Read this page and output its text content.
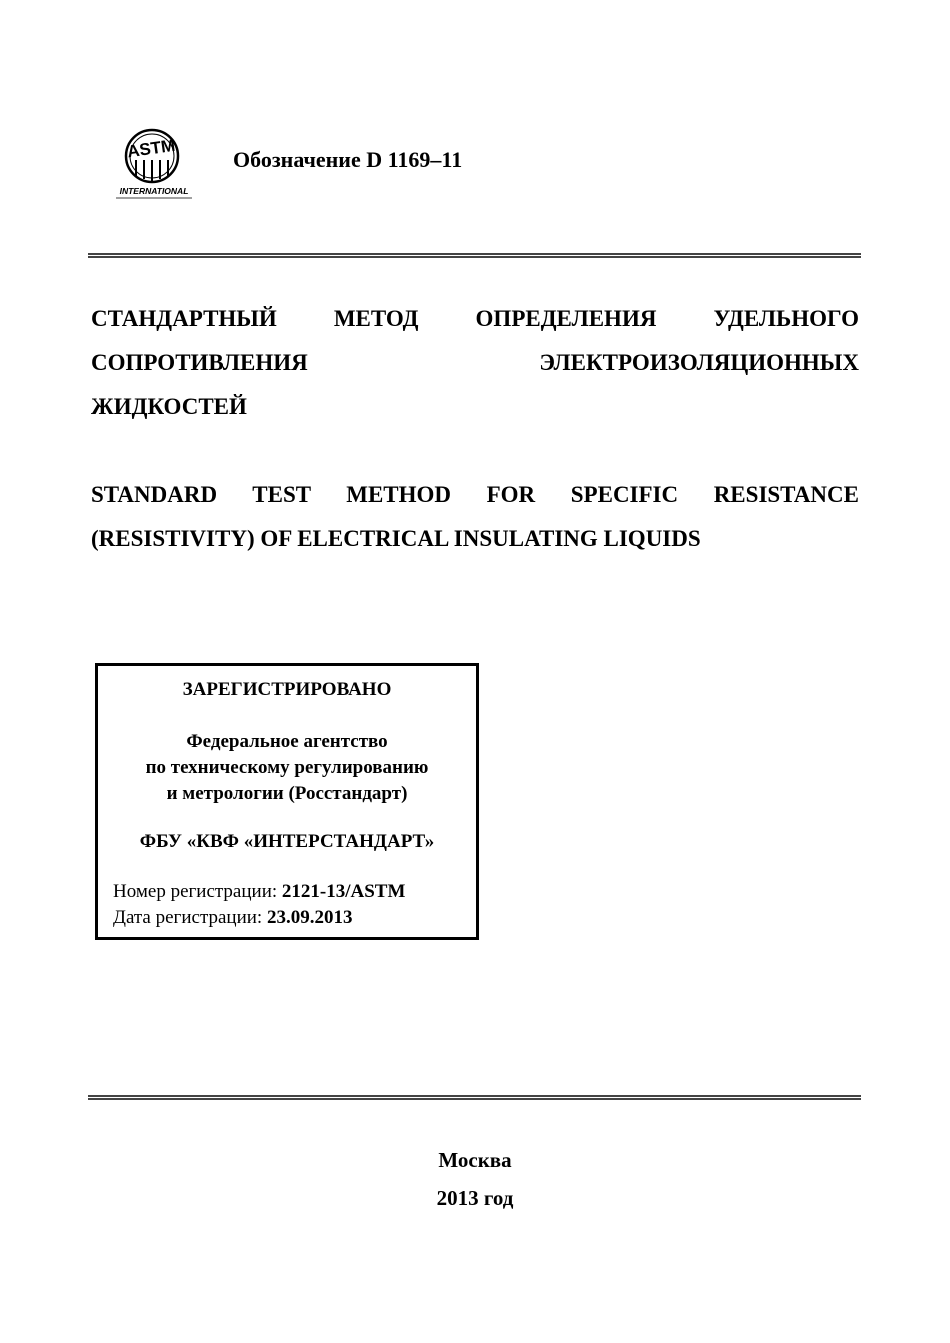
ASTM
INTERNATIONAL
Обозначение D 1169–11
СТАНДАРТНЫЙ МЕТОД ОПРЕДЕЛЕНИЯ УДЕЛЬНОГО
СОПРОТИВЛЕНИЯ ЭЛЕКТРОИЗОЛЯЦИОННЫХ
ЖИДКОСТЕЙ
STANDARD TEST METHOD FOR SPECIFIC RESISTANCE
(RESISTIVITY) OF ELECTRICAL INSULATING LIQUIDS
ЗАРЕГИСТРИРОВАНО
Федеральное агентство
по техническому регулированию
и метрологии (Росстандарт)
ФБУ «КВФ «ИНТЕРСТАНДАРТ»
Номер регистрации: 2121-13/ASTM
Дата регистрации: 23.09.2013
Москва
2013 год
